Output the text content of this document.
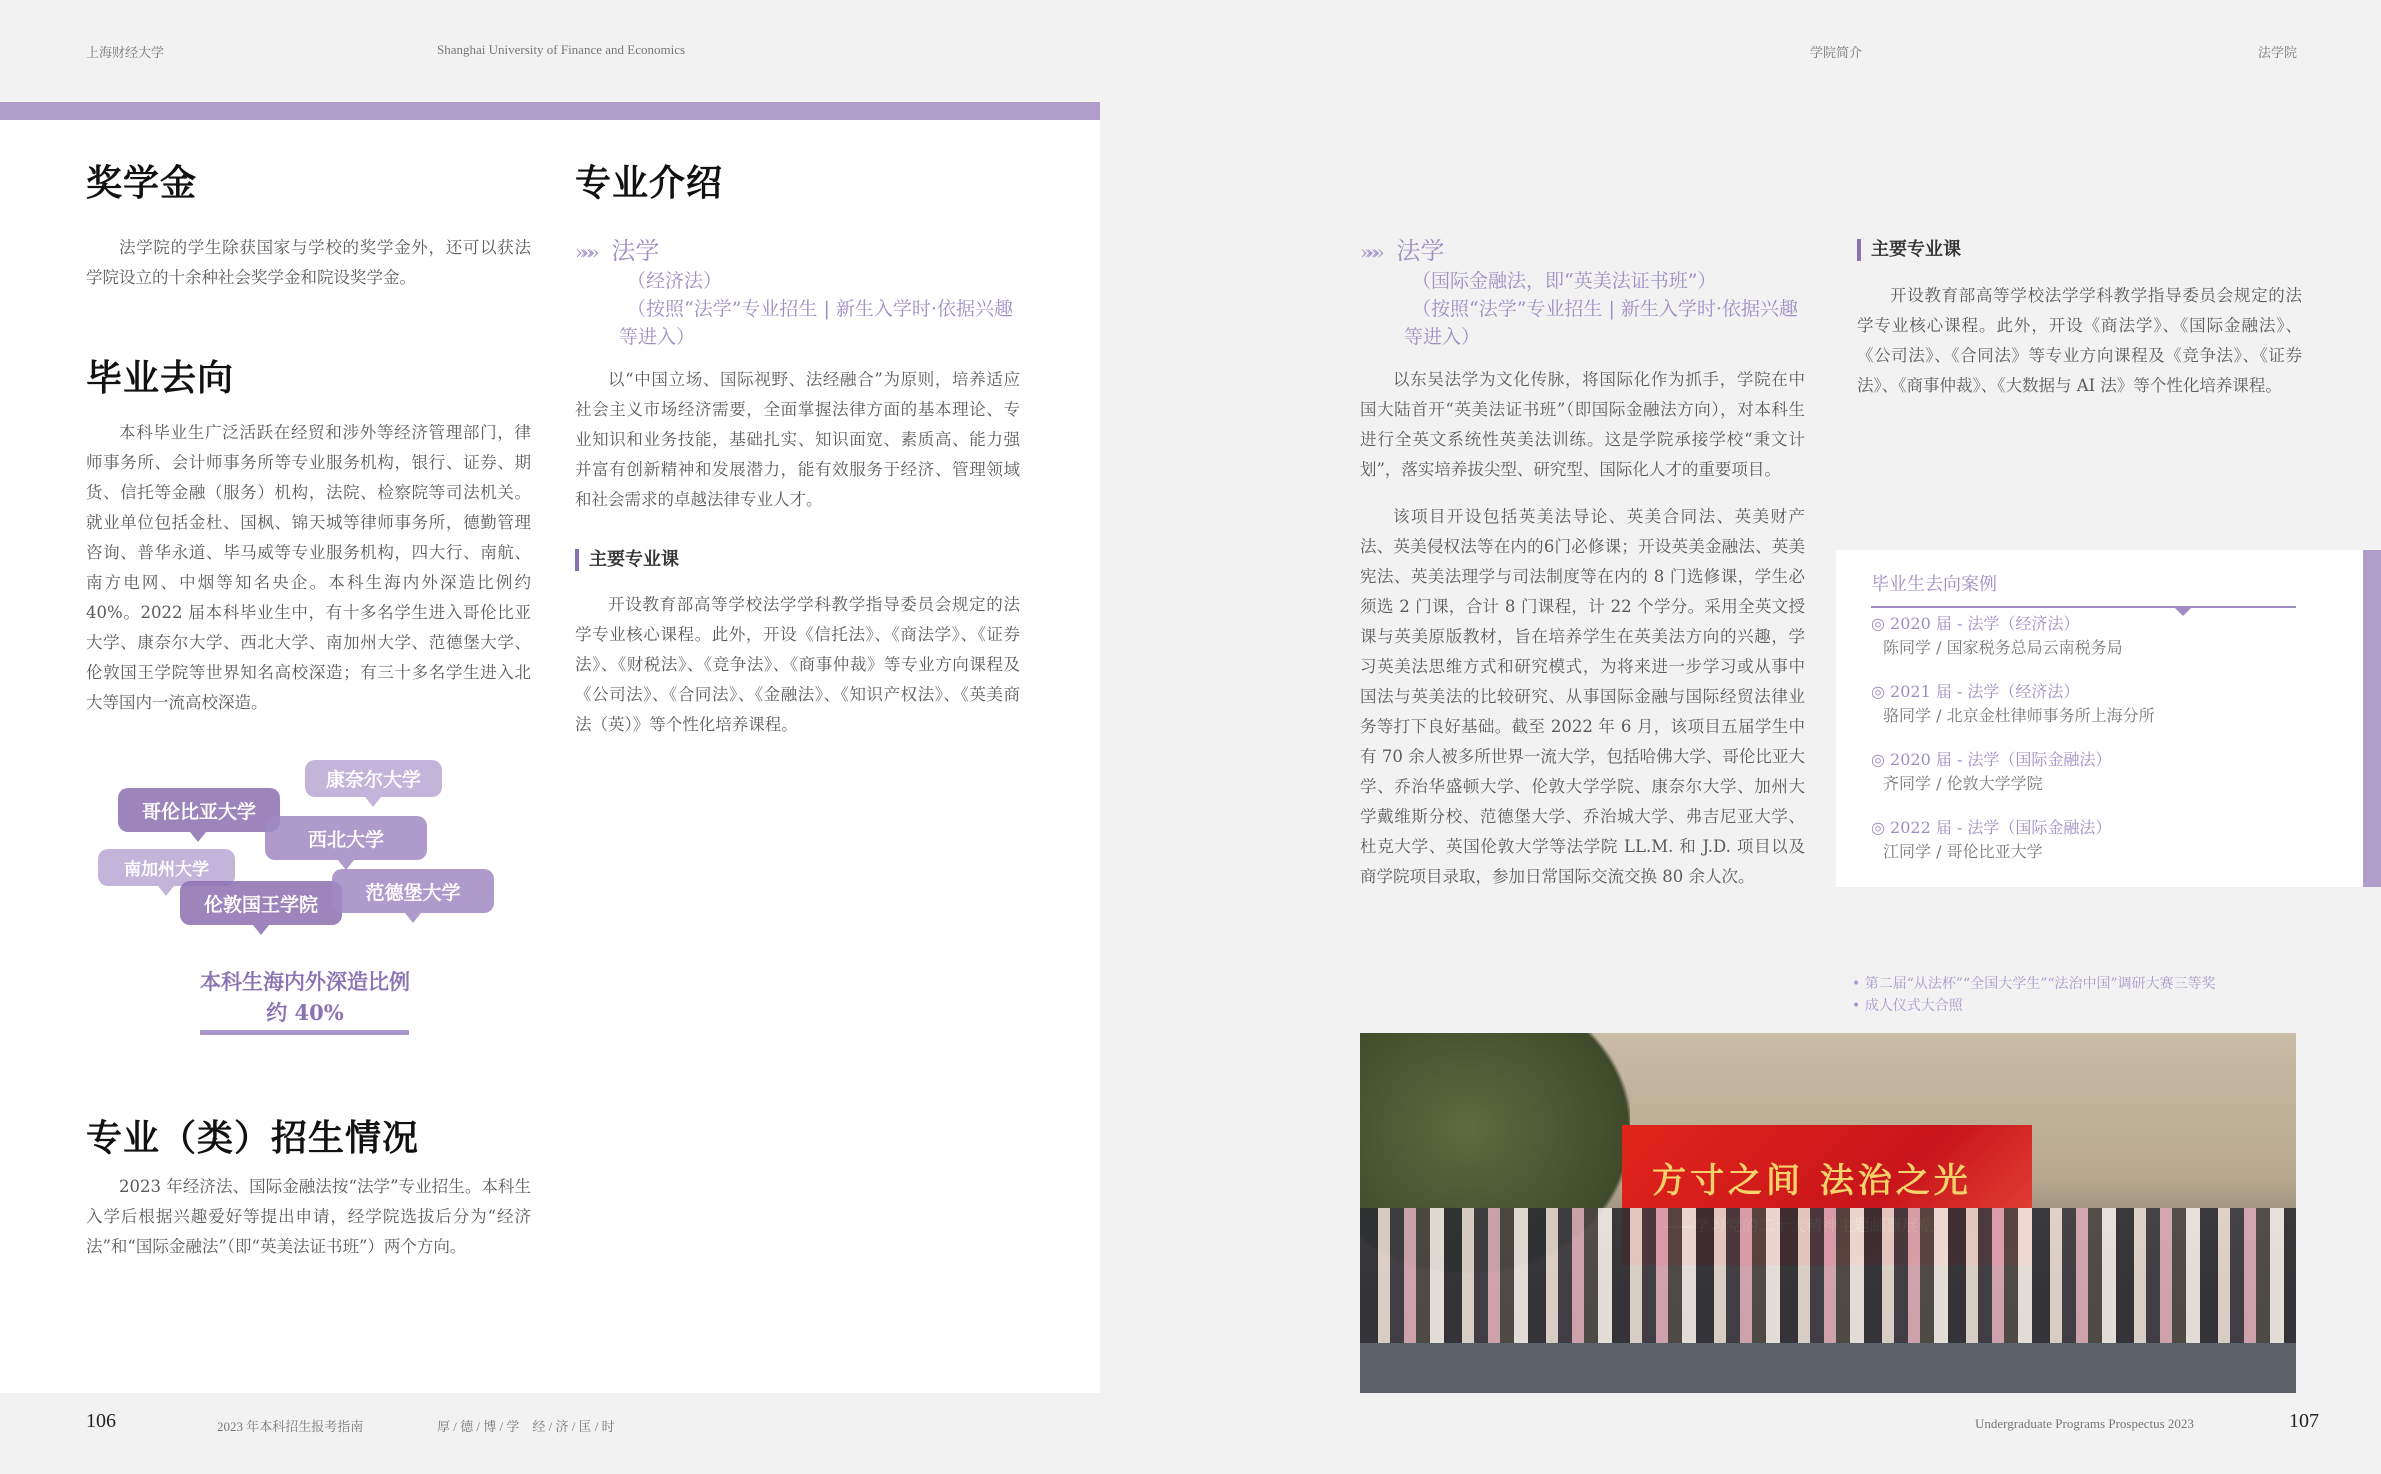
上海财经大学	Shanghai University of Finance and Economics	学院简介	法学院
奖学金

法学院的学生除获国家与学校的奖学金外，还可以获法学院设立的十余种社会奖学金和院设奖学金。

毕业去向

本科毕业生广泛活跃在经贸和涉外等经济管理部门，律师事务所、会计师事务所等专业服务机构，银行、证券、期货、信托等金融（服务）机构，法院、检察院等司法机关。就业单位包括金杜、国枫、锦天城等律师事务所，德勤管理咨询、普华永道、毕马威等专业服务机构，四大行、南航、南方电网、中烟等知名央企。本科生海内外深造比例约 40%。2022 届本科毕业生中，有十多名学生进入哥伦比亚大学、康奈尔大学、西北大学、南加州大学、范德堡大学、伦敦国王学院等世界知名高校深造；有三十多名学生进入北大等国内一流高校深造。

康奈尔大学
哥伦比亚大学
西北大学
南加州大学
伦敦国王学院
范德堡大学
本科生海内外深造比例
约 40%
专业（类）招生情况

2023 年经济法、国际金融法按“法学”专业招生。本科生入学后根据兴趣爱好等提出申请，经学院选拔后分为“经济法”和“国际金融法”（即“英美法证书班”）两个方向。

专业介绍
»»» 法学
（经济法）
（按照“法学”专业招生 | 新生入学时·依据兴趣等进入）

以“中国立场、国际视野、法经融合”为原则，培养适应社会主义市场经济需要，全面掌握法律方面的基本理论、专业知识和业务技能，基础扎实、知识面宽、素质高、能力强并富有创新精神和发展潜力，能有效服务于经济、管理领域和社会需求的卓越法律专业人才。

主要专业课

开设教育部高等学校法学学科教学指导委员会规定的法学专业核心课程。此外，开设《信托法》、《商法学》、《证券法》、《财税法》、《竞争法》、《商事仲裁》等专业方向课程及《公司法》、《合同法》、《金融法》、《知识产权法》、《英美商法（英）》等个性化培养课程。

»»» 法学
（国际金融法，即“英美法证书班”）
（按照“法学”专业招生 | 新生入学时·依据兴趣等进入）

以东吴法学为文化传脉，将国际化作为抓手，学院在中国大陆首开“英美法证书班”（即国际金融法方向），对本科生进行全英文系统性英美法训练。这是学院承接学校“秉文计划”，落实培养拔尖型、研究型、国际化人才的重要项目。

该项目开设包括英美法导论、英美合同法、英美财产法、英美侵权法等在内的6门必修课；开设英美金融法、英美宪法、英美法理学与司法制度等在内的 8 门选修课，学生必须选 2 门课，合计 8 门课程，计 22 个学分。采用全英文授课与英美原版教材，旨在培养学生在英美法方向的兴趣，学习英美法思维方式和研究模式，为将来进一步学习或从事中国法与英美法的比较研究、从事国际金融与国际经贸法律业务等打下良好基础。截至 2022 年 6 月，该项目五届学生中有 70 余人被多所世界一流大学，包括哈佛大学、哥伦比亚大学、乔治华盛顿大学、伦敦大学学院、康奈尔大学、加州大学戴维斯分校、范德堡大学、乔治城大学、弗吉尼亚大学、杜克大学、英国伦敦大学等法学院 LL.M. 和 J.D. 项目以及商学院项目录取，参加日常国际交流交换 80 余人次。

主要专业课

开设教育部高等学校法学学科教学指导委员会规定的法学专业核心课程。此外，开设《商法学》、《国际金融法》、《公司法》、《合同法》等专业方向课程及《竞争法》、《证券法》、《商事仲裁》、《大数据与 AI 法》等个性化培养课程。

毕业生去向案例
◎ 2020 届 - 法学（经济法）
陈同学 / 国家税务总局云南税务局
◎ 2021 届 - 法学（经济法）
骆同学 / 北京金杜律师事务所上海分所
◎ 2020 届 - 法学（国际金融法）
齐同学 / 伦敦大学学院
◎ 2022 届 - 法学（国际金融法）
江同学 / 哥伦比亚大学
• 第二届“从法杯”“全国大学生”“法治中国”调研大赛三等奖
• 成人仪式大合照
方寸之间 法治之光
106	2023 年本科招生报考指南	厚 / 德 / 博 / 学    经 / 济 / 匡 / 时	Undergraduate Programs Prospectus 2023	107
